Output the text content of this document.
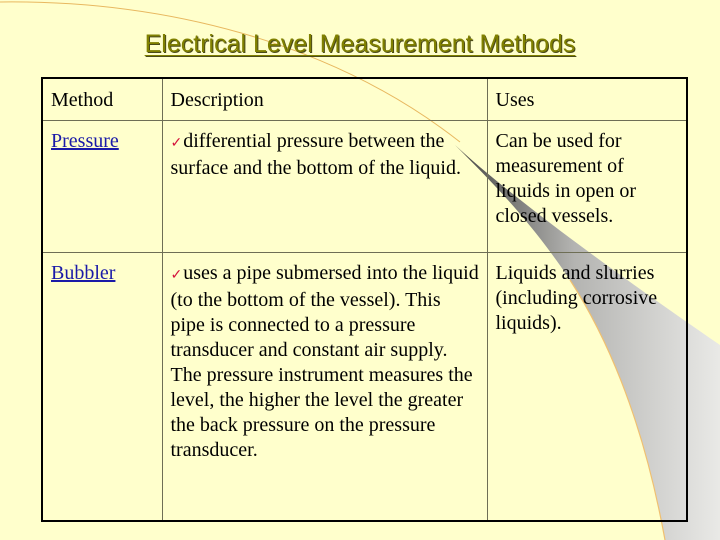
Electrical Level Measurement Methods
Method	Description	Uses
Pressure	✓differential pressure between the surface and the bottom of the liquid.	Can be used for measurement of liquids in open or closed vessels.
Bubbler	✓uses a pipe submersed into the liquid (to the bottom of the vessel). This pipe is connected to a pressure transducer and constant air supply. The pressure instrument measures the level, the higher the level the greater the back pressure on the pressure transducer.	Liquids and slurries (including corrosive liquids).
